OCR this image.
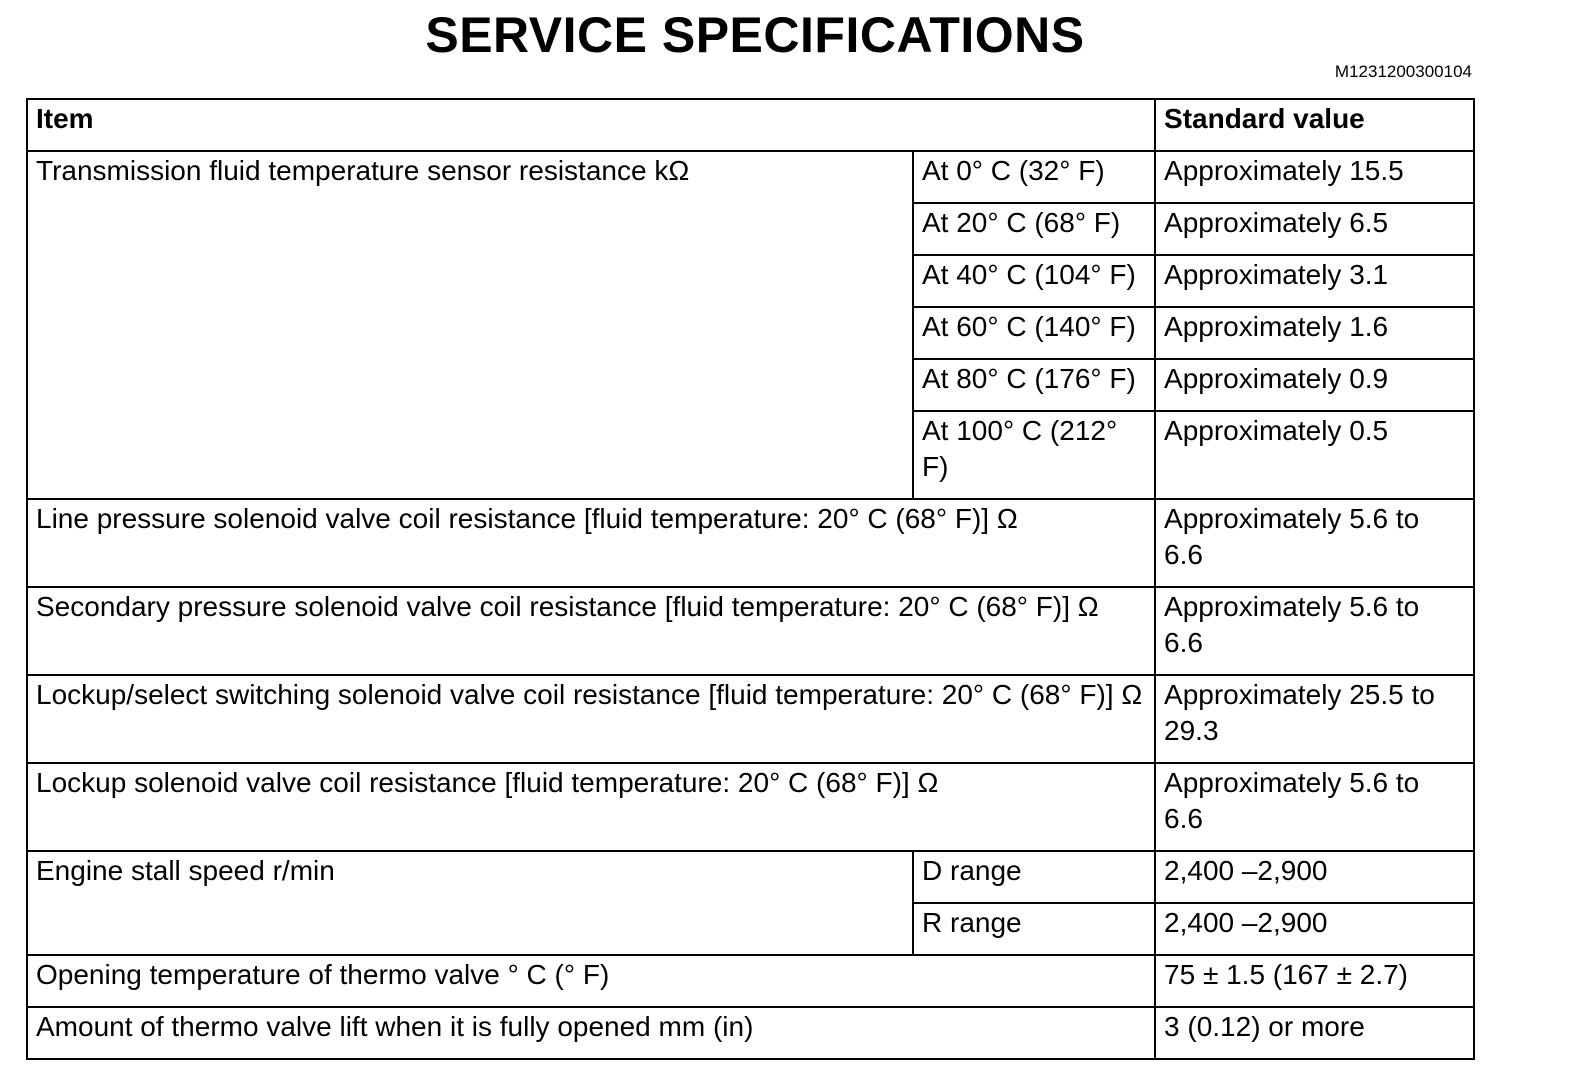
SERVICE SPECIFICATIONS
M1231200300104
Item		Standard value
Transmission fluid temperature sensor resistance kΩ	At 0° C (32° F)	Approximately 15.5
	At 20° C (68° F)	Approximately 6.5
	At 40° C (104° F)	Approximately 3.1
	At 60° C (140° F)	Approximately 1.6
	At 80° C (176° F)	Approximately 0.9
	At 100° C (212° F)	Approximately 0.5
Line pressure solenoid valve coil resistance [fluid temperature: 20° C (68° F)] Ω		Approximately 5.6 to 6.6
Secondary pressure solenoid valve coil resistance [fluid temperature: 20° C (68° F)] Ω		Approximately 5.6 to 6.6
Lockup/select switching solenoid valve coil resistance [fluid temperature: 20° C (68° F)] Ω		Approximately 25.5 to 29.3
Lockup solenoid valve coil resistance [fluid temperature: 20° C (68° F)] Ω		Approximately 5.6 to 6.6
Engine stall speed r/min	D range	2,400 –2,900
	R range	2,400 –2,900
Opening temperature of thermo valve ° C (° F)		75 ± 1.5 (167 ± 2.7)
Amount of thermo valve lift when it is fully opened mm (in)		3 (0.12) or more
